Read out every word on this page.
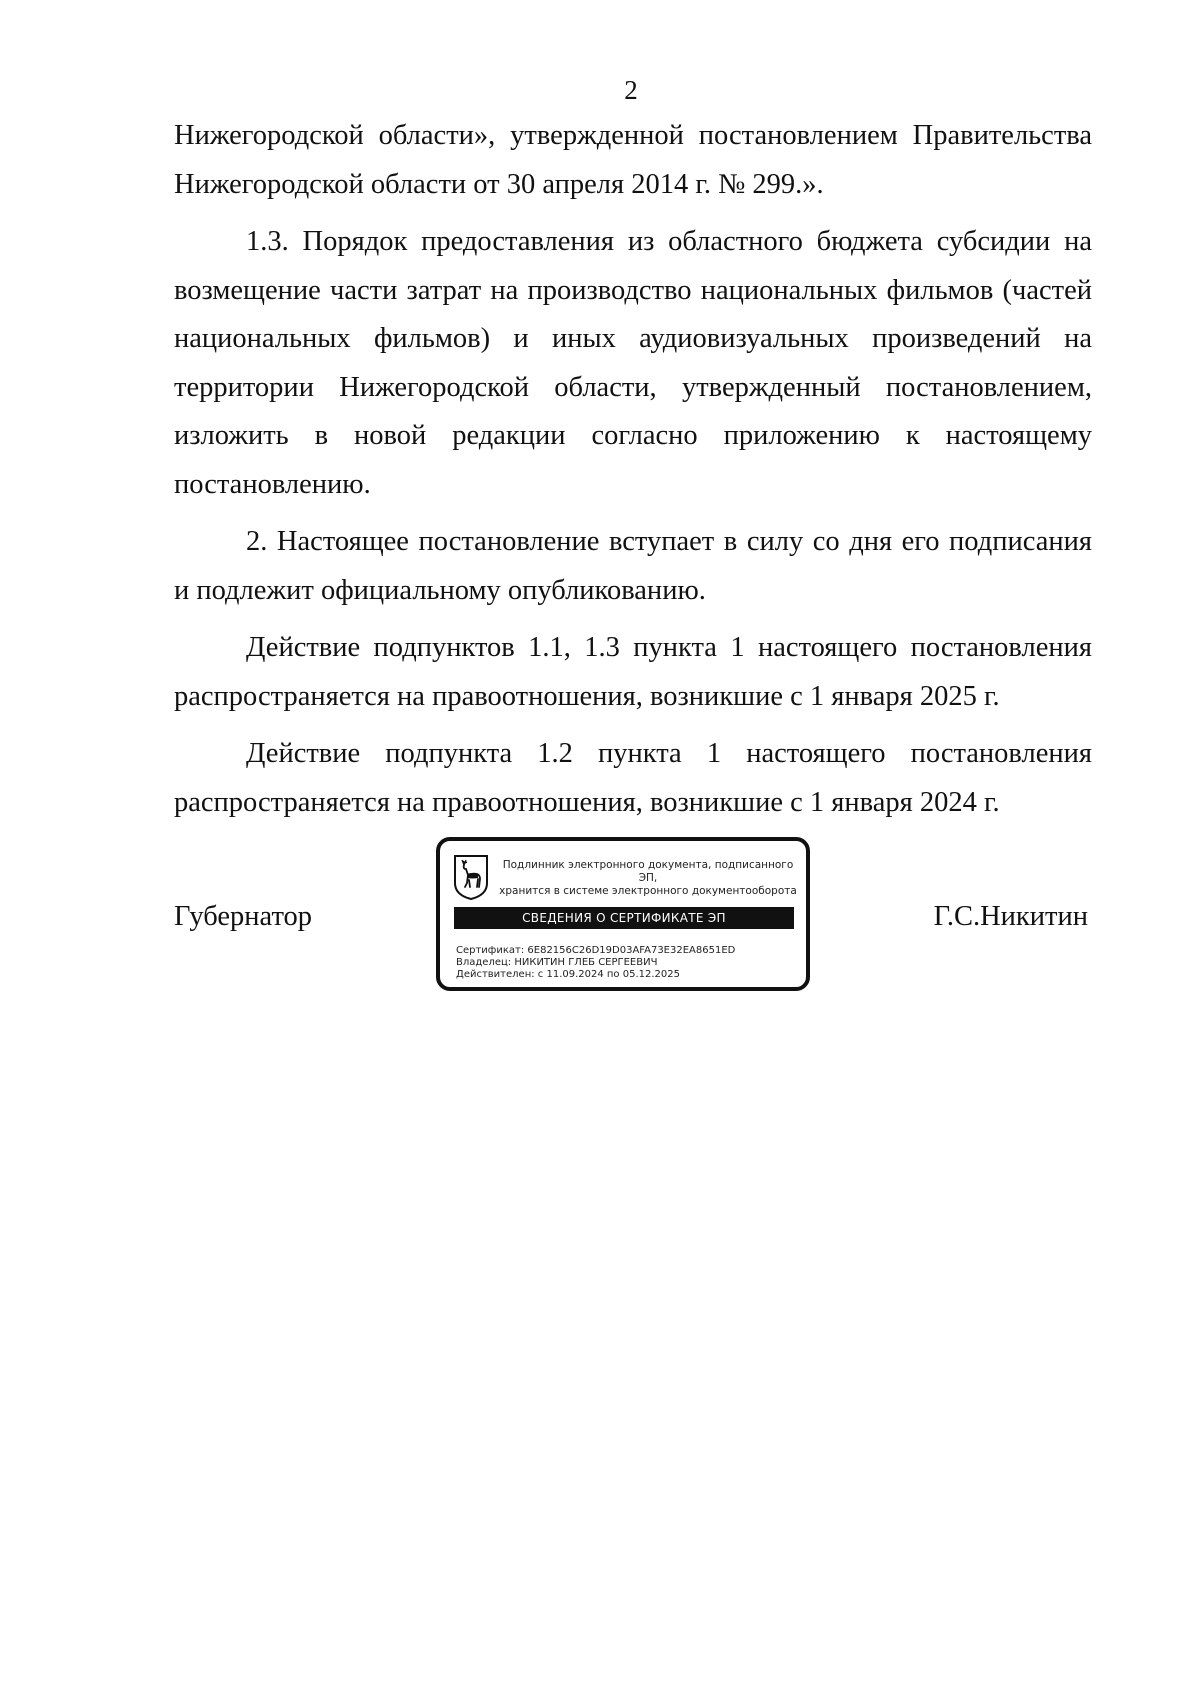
2

Нижегородской области», утвержденной постановлением Правительства Нижегородской области от 30 апреля 2014 г. № 299.».

1.3. Порядок предоставления из областного бюджета субсидии на возмещение части затрат на производство национальных фильмов (частей национальных фильмов) и иных аудиовизуальных произведений на территории Нижегородской области, утвержденный постановлением, изложить в новой редакции согласно приложению к настоящему постановлению.

2. Настоящее постановление вступает в силу со дня его подписания и подлежит официальному опубликованию.

Действие подпунктов 1.1, 1.3 пункта 1 настоящего постановления распространяется на правоотношения, возникшие с 1 января 2025 г.

Действие подпункта 1.2 пункта 1 настоящего постановления распространяется на правоотношения, возникшие с 1 января 2024 г.

Губернатор
Подлинник электронного документа, подписанного ЭП,
хранится в системе электронного документооборота
СВЕДЕНИЯ О СЕРТИФИКАТЕ ЭП
Сертификат: 6E82156C26D19D03AFA73E32EA8651ED
Владелец: НИКИТИН ГЛЕБ СЕРГЕЕВИЧ
Действителен: с 11.09.2024 по 05.12.2025
Г.С.Никитин
